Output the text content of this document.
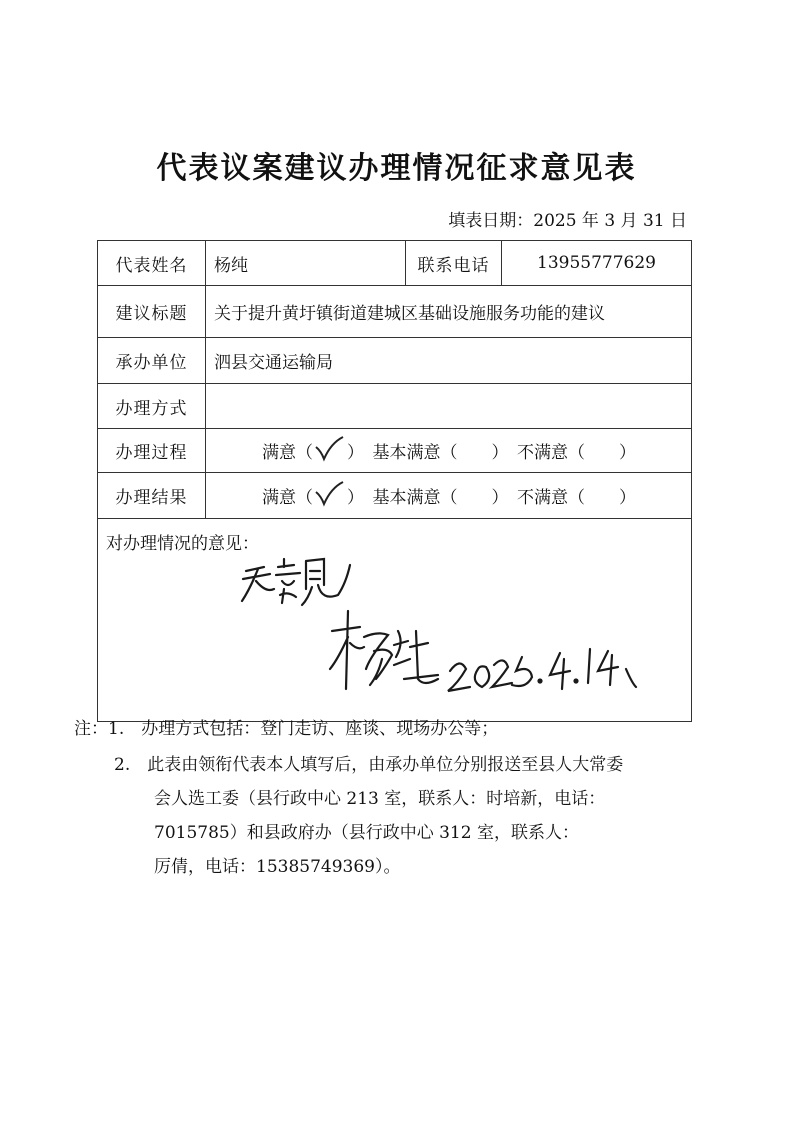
代表议案建议办理情况征求意见表
填表日期：2025 年 3 月 31 日
代表姓名	杨纯	联系电话	13955777629
建议标题	关于提升黄圩镇街道建城区基础设施服务功能的建议		
承办单位	泗县交通运输局		
办理方式			
办理过程	满意（ ）　基本满意（ ）　不满意（ ）		

办理结果	满意（ ）　基本满意（ ）　不满意（ ）		

对办理情况的意见：			
注：1.　办理方式包括：登门走访、座谈、现场办公等；

2.　此表由领衔代表本人填写后，由承办单位分别报送至县人大常委

会人选工委（县行政中心 213 室，联系人：时培新，电话：

7015785）和县政府办（县行政中心 312 室，联系人：

厉倩，电话：15385749369）。
